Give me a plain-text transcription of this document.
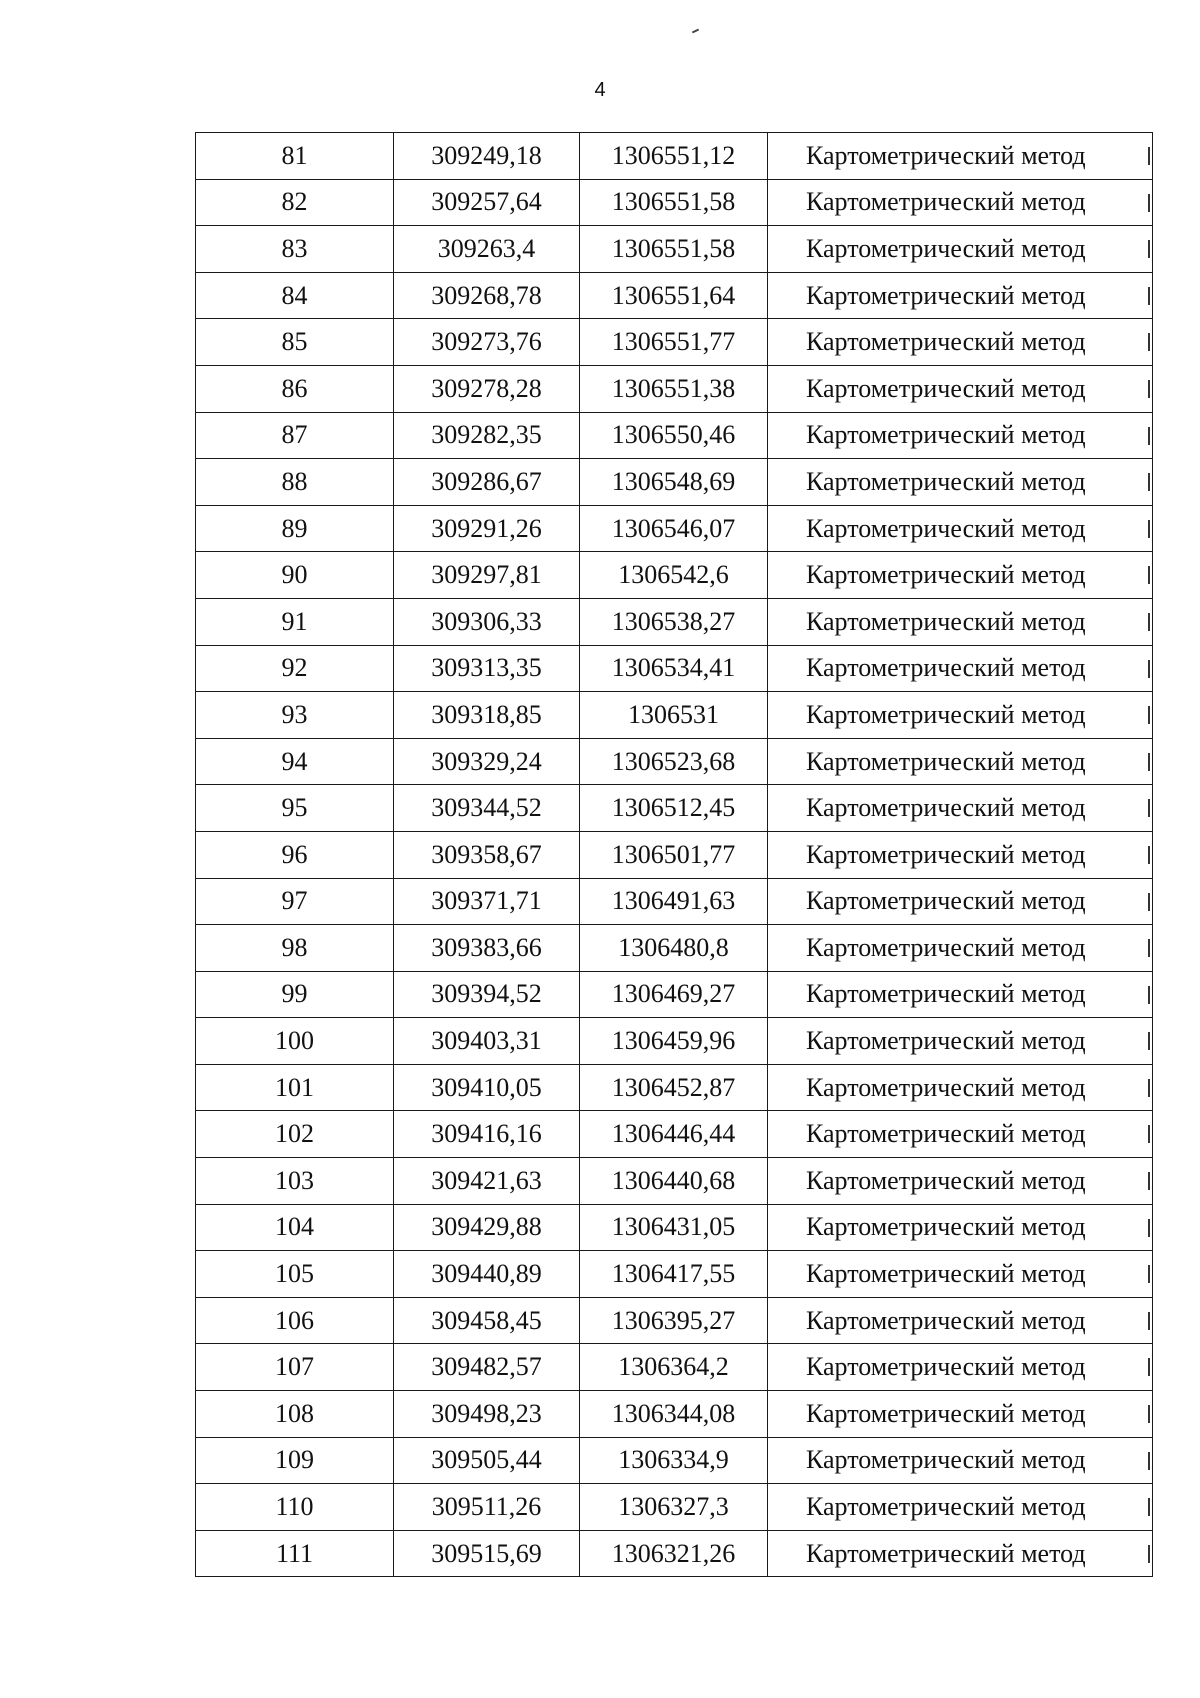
4
81	309249,18	1306551,12	Картометрический метод

82	309257,64	1306551,58	Картометрический метод

83	309263,4	1306551,58	Картометрический метод

84	309268,78	1306551,64	Картометрический метод

85	309273,76	1306551,77	Картометрический метод

86	309278,28	1306551,38	Картометрический метод

87	309282,35	1306550,46	Картометрический метод

88	309286,67	1306548,69	Картометрический метод

89	309291,26	1306546,07	Картометрический метод

90	309297,81	1306542,6	Картометрический метод

91	309306,33	1306538,27	Картометрический метод

92	309313,35	1306534,41	Картометрический метод

93	309318,85	1306531	Картометрический метод

94	309329,24	1306523,68	Картометрический метод

95	309344,52	1306512,45	Картометрический метод

96	309358,67	1306501,77	Картометрический метод

97	309371,71	1306491,63	Картометрический метод

98	309383,66	1306480,8	Картометрический метод

99	309394,52	1306469,27	Картометрический метод

100	309403,31	1306459,96	Картометрический метод

101	309410,05	1306452,87	Картометрический метод

102	309416,16	1306446,44	Картометрический метод

103	309421,63	1306440,68	Картометрический метод

104	309429,88	1306431,05	Картометрический метод

105	309440,89	1306417,55	Картометрический метод

106	309458,45	1306395,27	Картометрический метод

107	309482,57	1306364,2	Картометрический метод

108	309498,23	1306344,08	Картометрический метод

109	309505,44	1306334,9	Картометрический метод

110	309511,26	1306327,3	Картометрический метод

111	309515,69	1306321,26	Картометрический метод
